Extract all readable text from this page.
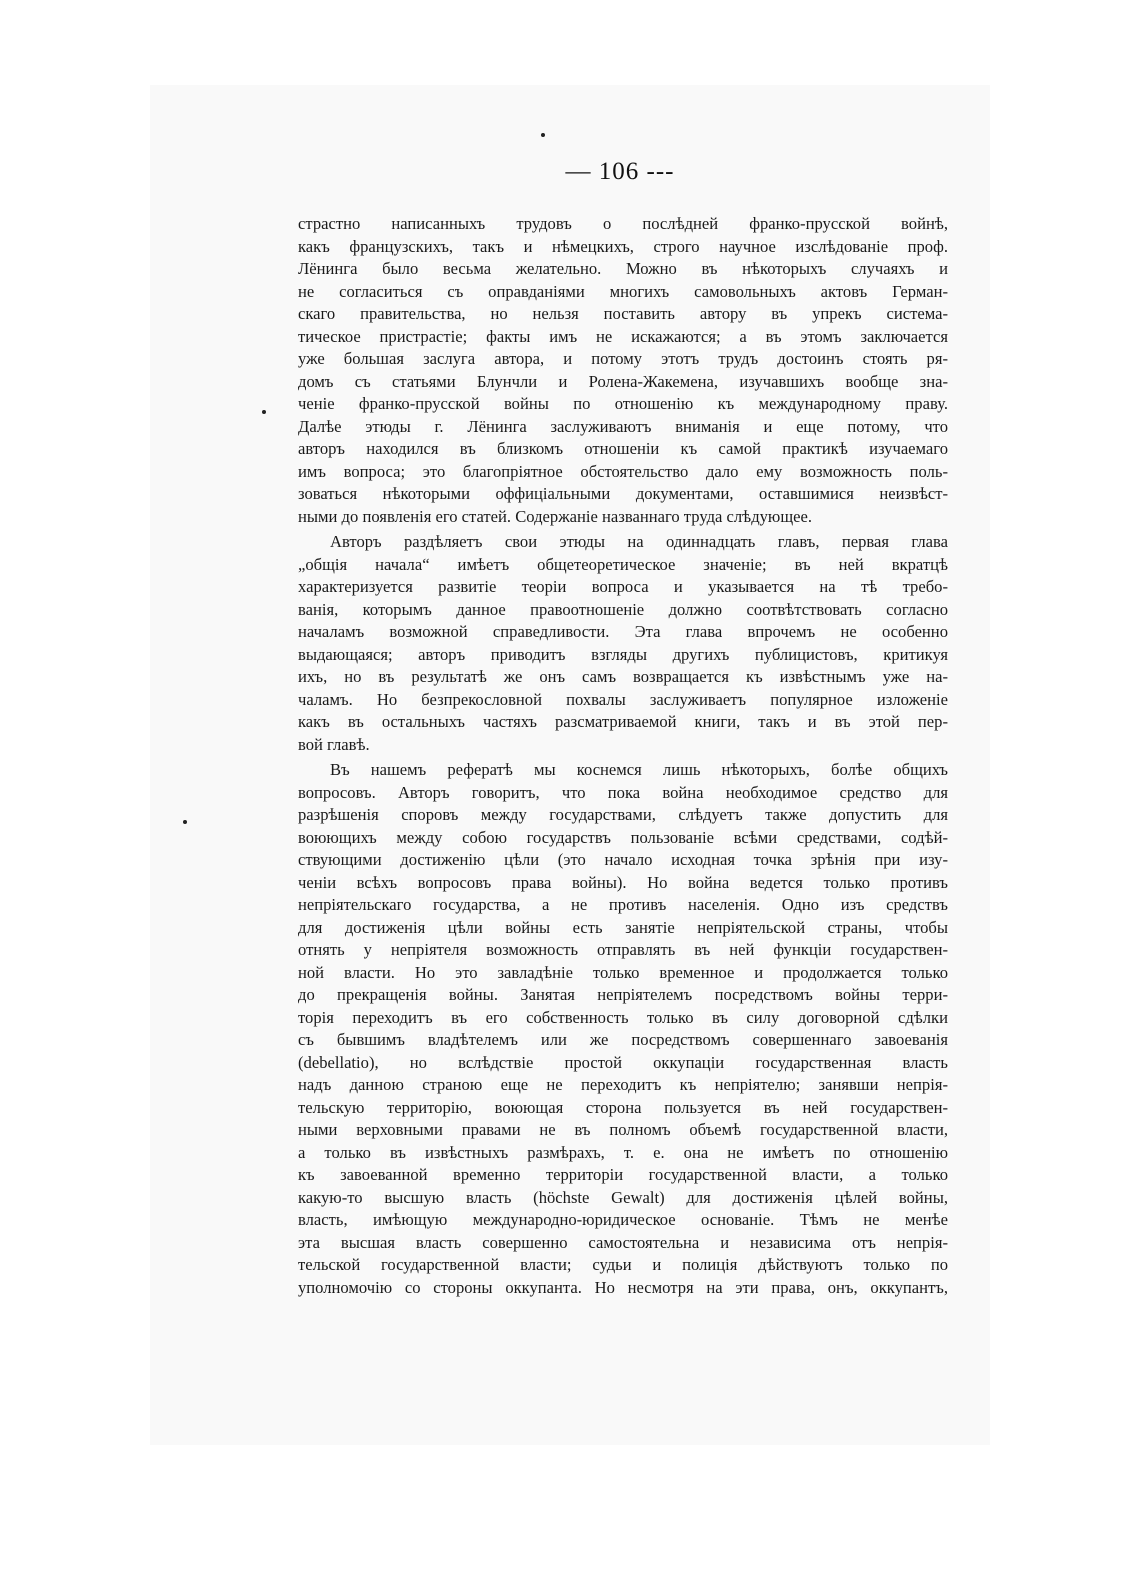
— 106 ---
страстно написанныхъ трудовъ о послѣдней франко-прусской войнѣ,
какъ французскихъ, такъ и нѣмецкихъ, строго научное изслѣдованіе проф.
Лёнинга было весьма желательно. Можно въ нѣкоторыхъ случаяхъ и
не согласиться съ оправданіями многихъ самовольныхъ актовъ Герман-
скаго правительства, но нельзя поставить автору въ упрекъ система-
тическое пристрастіе; факты имъ не искажаются; а въ этомъ заключается
уже большая заслуга автора, и потому этотъ трудъ достоинъ стоять ря-
домъ съ статьями Блунчли и Ролена-Жакемена, изучавшихъ вообще зна-
ченіе франко-прусской войны по отношенію къ международному праву.
Далѣе этюды г. Лёнинга заслуживаютъ вниманія и еще потому, что
авторъ находился въ близкомъ отношеніи къ самой практикѣ изучаемаго
имъ вопроса; это благопріятное обстоятельство дало ему возможность поль-
зоваться нѣкоторыми оффиціальными документами, оставшимися неизвѣст-
ными до появленія его статей. Содержаніе названнаго труда слѣдующее.
Авторъ раздѣляетъ свои этюды на одиннадцать главъ, первая глава
„общія начала“ имѣетъ общетеоретическое значеніе; въ ней вкратцѣ
характеризуется развитіе теоріи вопроса и указывается на тѣ требо-
ванія, которымъ данное правоотношеніе должно соотвѣтствовать согласно
началамъ возможной справедливости. Эта глава впрочемъ не особенно
выдающаяся; авторъ приводитъ взгляды другихъ публицистовъ, критикуя
ихъ, но въ результатѣ же онъ самъ возвращается къ извѣстнымъ уже на-
чаламъ. Но безпрекословной похвалы заслуживаетъ популярное изложеніе
какъ въ остальныхъ частяхъ разсматриваемой книги, такъ и въ этой пер-
вой главѣ.
Въ нашемъ рефератѣ мы коснемся лишь нѣкоторыхъ, болѣе общихъ
вопросовъ. Авторъ говоритъ, что пока война необходимое средство для
разрѣшенія споровъ между государствами, слѣдуетъ также допустить для
воюющихъ между собою государствъ пользованіе всѣми средствами, содѣй-
ствующими достиженію цѣли (это начало исходная точка зрѣнія при изу-
ченіи всѣхъ вопросовъ права войны). Но война ведется только противъ
непріятельскаго государства, а не противъ населенія. Одно изъ средствъ
для достиженія цѣли войны есть занятіе непріятельской страны, чтобы
отнять у непріятеля возможность отправлять въ ней функціи государствен-
ной власти. Но это завладѣніе только временное и продолжается только
до прекращенія войны. Занятая непріятелемъ посредствомъ войны терри-
торія переходитъ въ его собственность только въ силу договорной сдѣлки
съ бывшимъ владѣтелемъ или же посредствомъ совершеннаго завоеванія
(debellatio), но вслѣдствіе простой оккупаціи государственная власть
надъ данною страною еще не переходитъ къ непріятелю; занявши непрія-
тельскую территорію, воюющая сторона пользуется въ ней государствен-
ными верховными правами не въ полномъ объемѣ государственной власти,
а только въ извѣстныхъ размѣрахъ, т. е. она не имѣетъ по отношенію
къ завоеванной временно территоріи государственной власти, а только
какую-то высшую власть (höchste Gewalt) для достиженія цѣлей войны,
власть, имѣющую международно-юридическое основаніе. Тѣмъ не менѣе
эта высшая власть совершенно самостоятельна и независима отъ непрія-
тельской государственной власти; судьи и полиція дѣйствуютъ только по
уполномочію со стороны оккупанта. Но несмотря на эти права, онъ, оккупантъ,
